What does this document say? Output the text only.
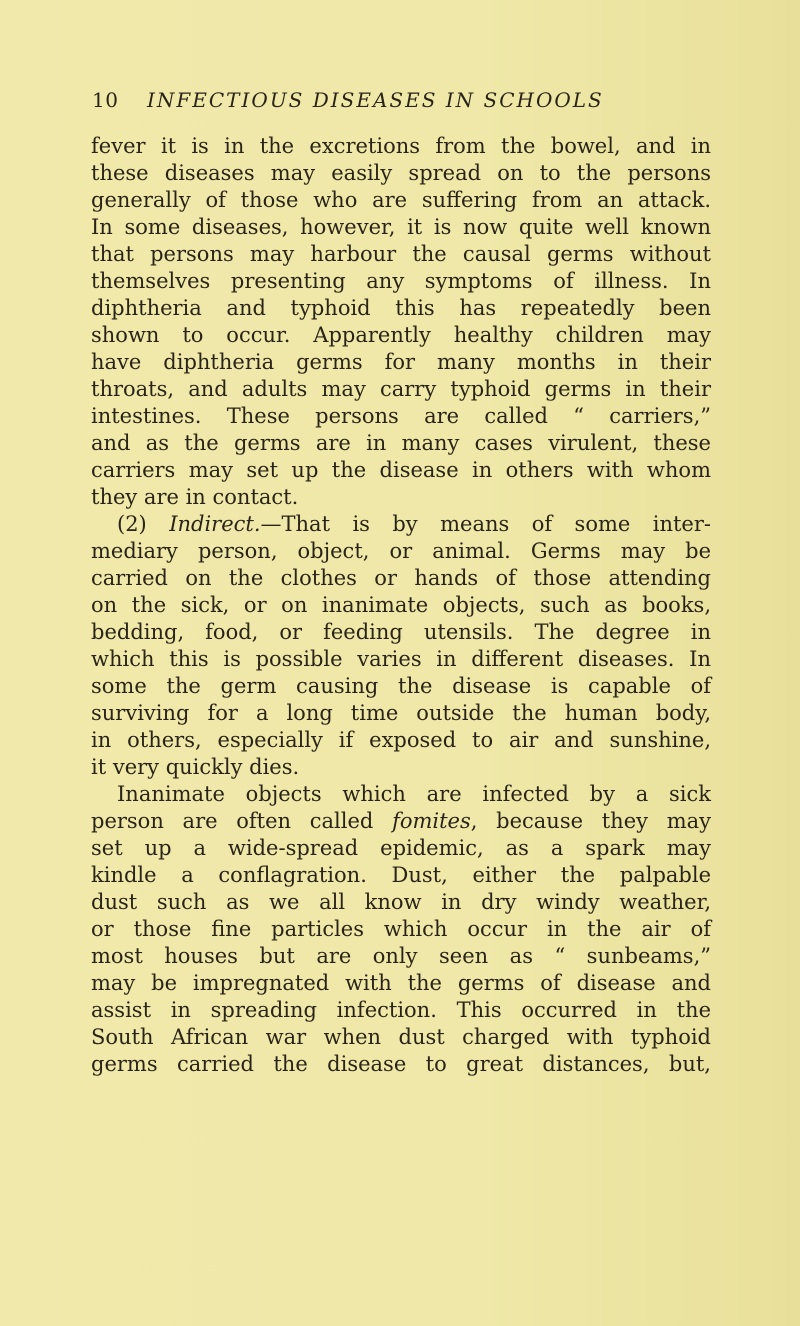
10 INFECTIOUS DISEASES IN SCHOOLS
fever it is in the excretions from the bowel, and in
these diseases may easily spread on to the persons
generally of those who are suffering from an attack.
In some diseases, however, it is now quite well known
that persons may harbour the causal germs without
themselves presenting any symptoms of illness. In
diphtheria and typhoid this has repeatedly been
shown to occur. Apparently healthy children may
have diphtheria germs for many months in their
throats, and adults may carry typhoid germs in their
intestines. These persons are called “ carriers,”
and as the germs are in many cases virulent, these
carriers may set up the disease in others with whom
they are in contact.
(2) Indirect.—That is by means of some inter-
mediary person, object, or animal. Germs may be
carried on the clothes or hands of those attending
on the sick, or on inanimate objects, such as books,
bedding, food, or feeding utensils. The degree in
which this is possible varies in different diseases. In
some the germ causing the disease is capable of
surviving for a long time outside the human body,
in others, especially if exposed to air and sunshine,
it very quickly dies.
Inanimate objects which are infected by a sick
person are often called fomites, because they may
set up a wide-spread epidemic, as a spark may
kindle a conflagration. Dust, either the palpable
dust such as we all know in dry windy weather,
or those fine particles which occur in the air of
most houses but are only seen as “ sunbeams,”
may be impregnated with the germs of disease and
assist in spreading infection. This occurred in the
South African war when dust charged with typhoid
germs carried the disease to great distances, but,
